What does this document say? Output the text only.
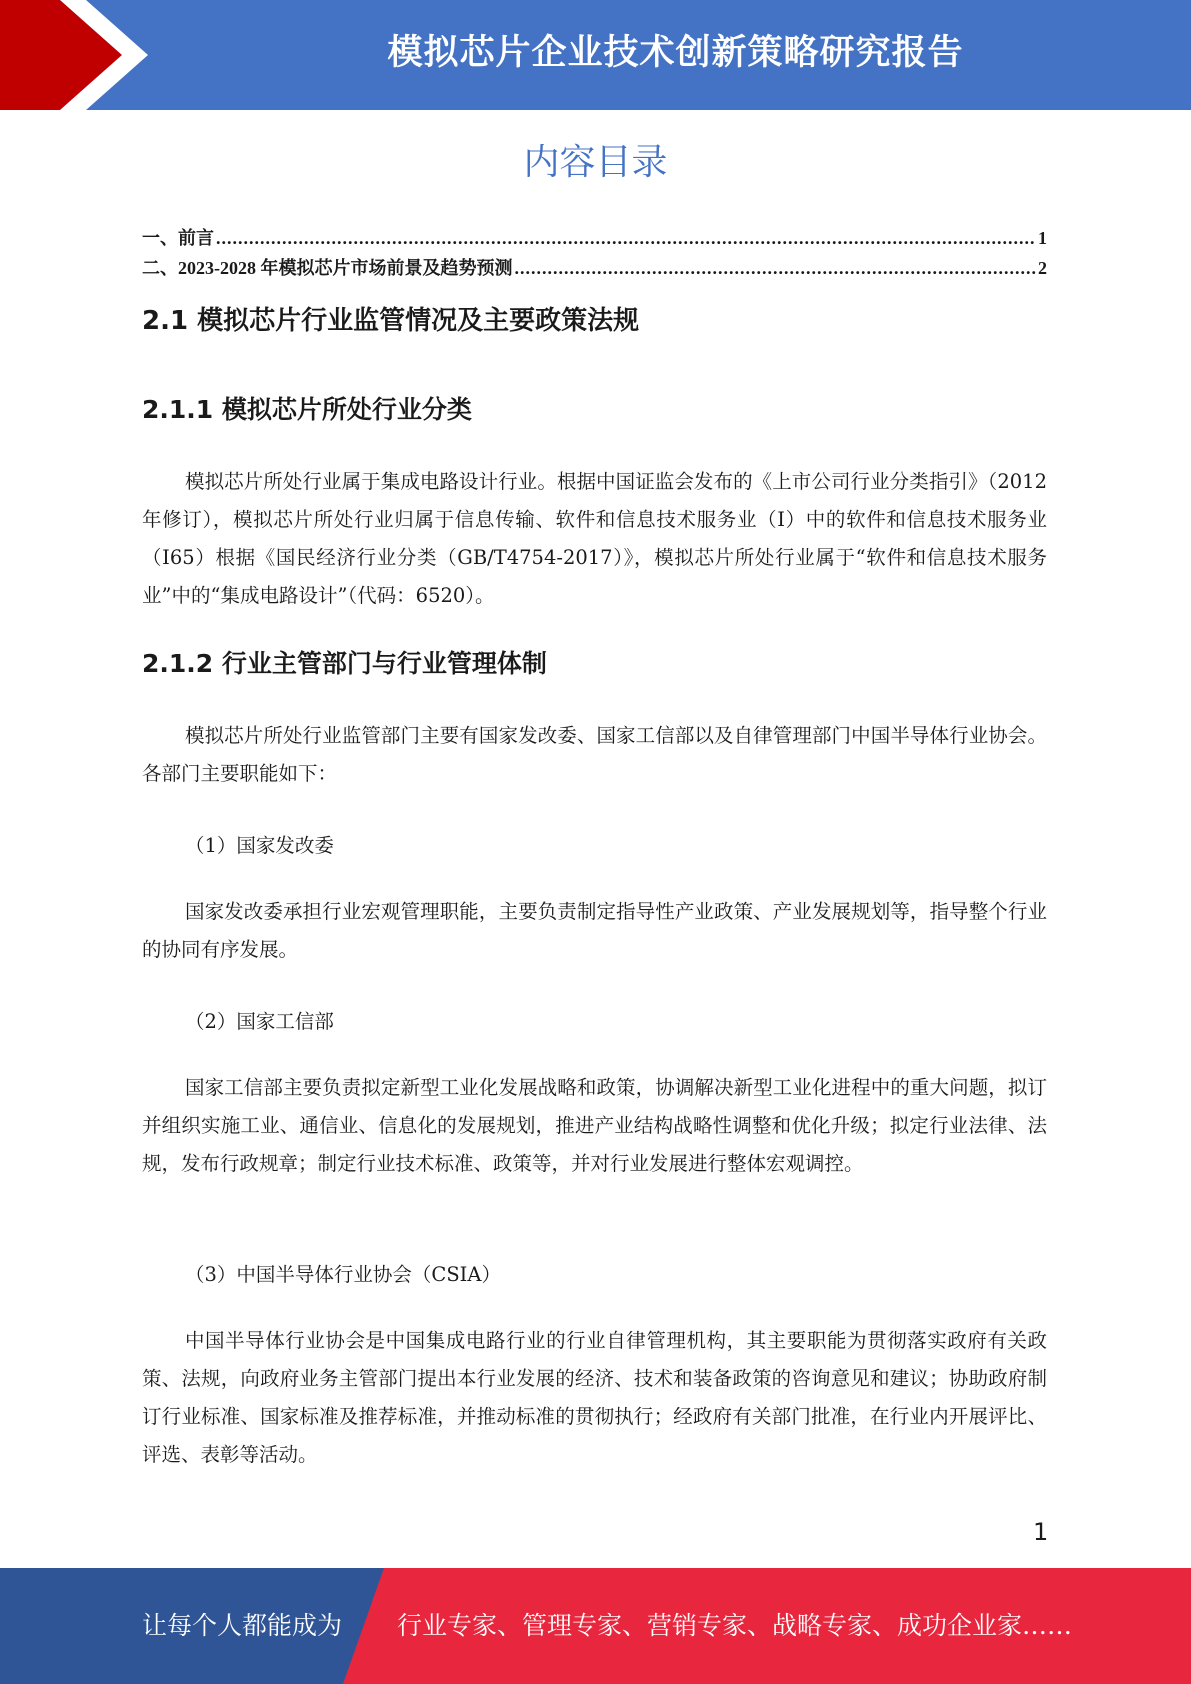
模拟芯片企业技术创新策略研究报告
内容目录
一、前言 .....	1
二、2023-2028 年模拟芯片市场前景及趋势预测 .....	2
2.1 模拟芯片行业监管情况及主要政策法规
2.1.1 模拟芯片所处行业分类

模拟芯片所处行业属于集成电路设计行业。根据中国证监会发布的《上市公司行业分类指引》（2012 年修订），模拟芯片所处行业归属于信息传输、软件和信息技术服务业（I）中的软件和信息技术服务业（I65）根据《国民经济行业分类（GB/T4754-2017）》，模拟芯片所处行业属于“软件和信息技术服务业”中的“集成电路设计”（代码：6520）。

2.1.2 行业主管部门与行业管理体制

模拟芯片所处行业监管部门主要有国家发改委、国家工信部以及自律管理部门中国半导体行业协会。各部门主要职能如下：

（1）国家发改委

国家发改委承担行业宏观管理职能，主要负责制定指导性产业政策、产业发展规划等，指导整个行业的协同有序发展。

（2）国家工信部

国家工信部主要负责拟定新型工业化发展战略和政策，协调解决新型工业化进程中的重大问题，拟订并组织实施工业、通信业、信息化的发展规划，推进产业结构战略性调整和优化升级；拟定行业法律、法规，发布行政规章；制定行业技术标准、政策等，并对行业发展进行整体宏观调控。

（3）中国半导体行业协会（CSIA）

中国半导体行业协会是中国集成电路行业的行业自律管理机构，其主要职能为贯彻落实政府有关政策、法规，向政府业务主管部门提出本行业发展的经济、技术和装备政策的咨询意见和建议；协助政府制订行业标准、国家标准及推荐标准，并推动标准的贯彻执行；经政府有关部门批准，在行业内开展评比、评选、表彰等活动。

1
让每个人都能成为 行业专家、管理专家、营销专家、战略专家、成功企业家……
